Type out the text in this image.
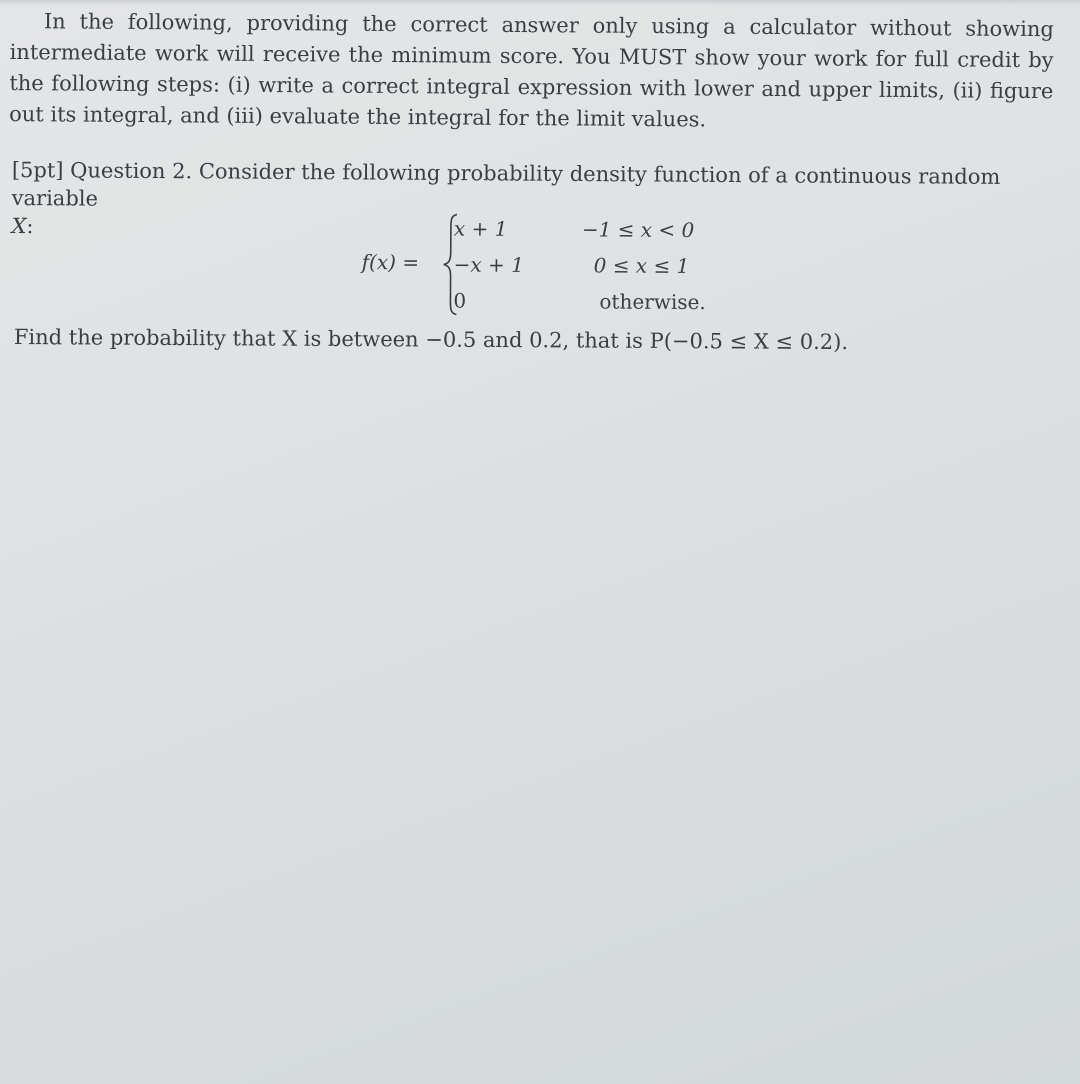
In the following, providing the correct answer only using a calculator without showing intermediate work will receive the minimum score. You MUST show your work for full credit by the following steps: (i) write a correct integral expression with lower and upper limits, (ii) figure out its integral, and (iii) evaluate the integral for the limit values.

[5pt] Question 2. Consider the following probability density function of a continuous random variable
X:
f(x) =
x + 1	−1 ≤ x < 0
−x + 1	0 ≤ x ≤ 1
0	otherwise.

Find the probability that X is between −0.5 and 0.2, that is P(−0.5 ≤ X ≤ 0.2).
